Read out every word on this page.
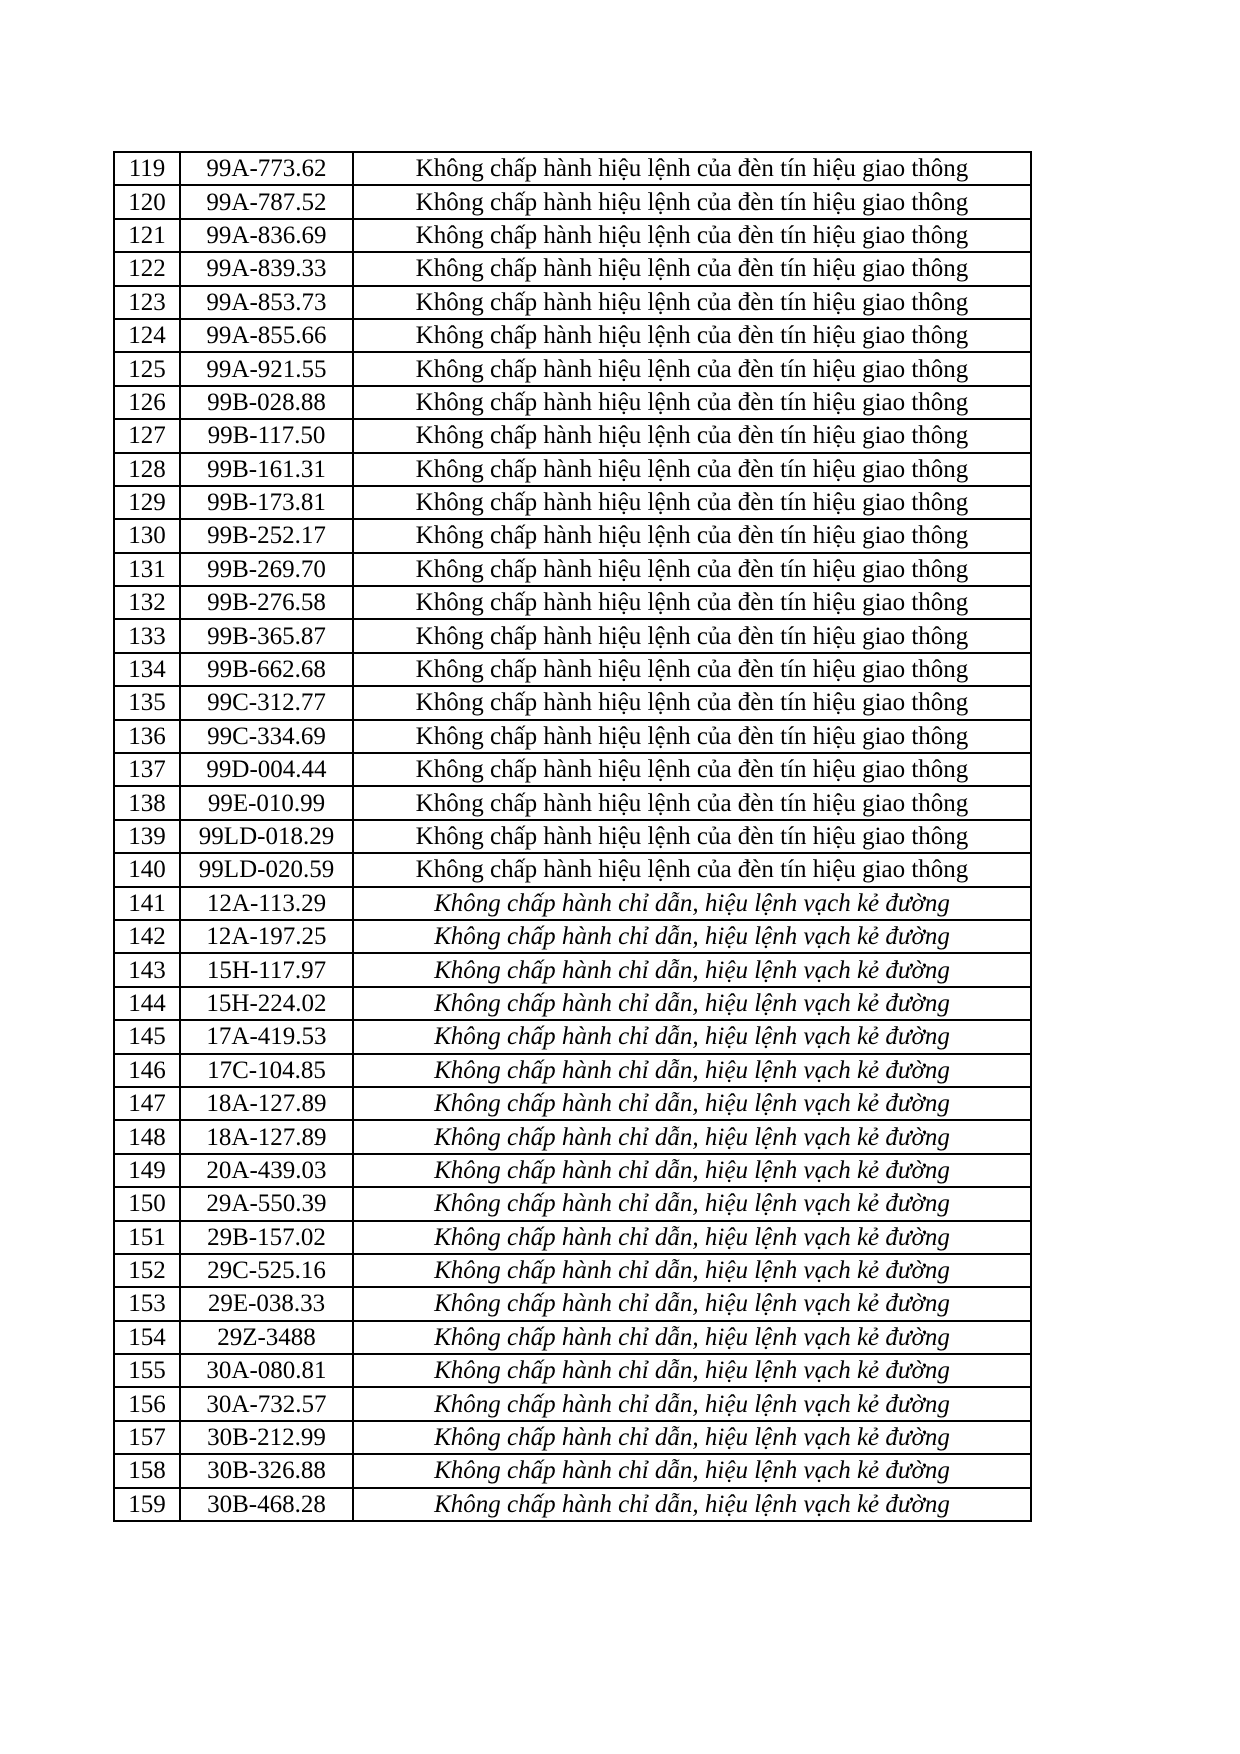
119	99A-773.62	Không chấp hành hiệu lệnh của đèn tín hiệu giao thông
120	99A-787.52	Không chấp hành hiệu lệnh của đèn tín hiệu giao thông
121	99A-836.69	Không chấp hành hiệu lệnh của đèn tín hiệu giao thông
122	99A-839.33	Không chấp hành hiệu lệnh của đèn tín hiệu giao thông
123	99A-853.73	Không chấp hành hiệu lệnh của đèn tín hiệu giao thông
124	99A-855.66	Không chấp hành hiệu lệnh của đèn tín hiệu giao thông
125	99A-921.55	Không chấp hành hiệu lệnh của đèn tín hiệu giao thông
126	99B-028.88	Không chấp hành hiệu lệnh của đèn tín hiệu giao thông
127	99B-117.50	Không chấp hành hiệu lệnh của đèn tín hiệu giao thông
128	99B-161.31	Không chấp hành hiệu lệnh của đèn tín hiệu giao thông
129	99B-173.81	Không chấp hành hiệu lệnh của đèn tín hiệu giao thông
130	99B-252.17	Không chấp hành hiệu lệnh của đèn tín hiệu giao thông
131	99B-269.70	Không chấp hành hiệu lệnh của đèn tín hiệu giao thông
132	99B-276.58	Không chấp hành hiệu lệnh của đèn tín hiệu giao thông
133	99B-365.87	Không chấp hành hiệu lệnh của đèn tín hiệu giao thông
134	99B-662.68	Không chấp hành hiệu lệnh của đèn tín hiệu giao thông
135	99C-312.77	Không chấp hành hiệu lệnh của đèn tín hiệu giao thông
136	99C-334.69	Không chấp hành hiệu lệnh của đèn tín hiệu giao thông
137	99D-004.44	Không chấp hành hiệu lệnh của đèn tín hiệu giao thông
138	99E-010.99	Không chấp hành hiệu lệnh của đèn tín hiệu giao thông
139	99LD-018.29	Không chấp hành hiệu lệnh của đèn tín hiệu giao thông
140	99LD-020.59	Không chấp hành hiệu lệnh của đèn tín hiệu giao thông
141	12A-113.29	Không chấp hành chỉ dẫn, hiệu lệnh vạch kẻ đường
142	12A-197.25	Không chấp hành chỉ dẫn, hiệu lệnh vạch kẻ đường
143	15H-117.97	Không chấp hành chỉ dẫn, hiệu lệnh vạch kẻ đường
144	15H-224.02	Không chấp hành chỉ dẫn, hiệu lệnh vạch kẻ đường
145	17A-419.53	Không chấp hành chỉ dẫn, hiệu lệnh vạch kẻ đường
146	17C-104.85	Không chấp hành chỉ dẫn, hiệu lệnh vạch kẻ đường
147	18A-127.89	Không chấp hành chỉ dẫn, hiệu lệnh vạch kẻ đường
148	18A-127.89	Không chấp hành chỉ dẫn, hiệu lệnh vạch kẻ đường
149	20A-439.03	Không chấp hành chỉ dẫn, hiệu lệnh vạch kẻ đường
150	29A-550.39	Không chấp hành chỉ dẫn, hiệu lệnh vạch kẻ đường
151	29B-157.02	Không chấp hành chỉ dẫn, hiệu lệnh vạch kẻ đường
152	29C-525.16	Không chấp hành chỉ dẫn, hiệu lệnh vạch kẻ đường
153	29E-038.33	Không chấp hành chỉ dẫn, hiệu lệnh vạch kẻ đường
154	29Z-3488	Không chấp hành chỉ dẫn, hiệu lệnh vạch kẻ đường
155	30A-080.81	Không chấp hành chỉ dẫn, hiệu lệnh vạch kẻ đường
156	30A-732.57	Không chấp hành chỉ dẫn, hiệu lệnh vạch kẻ đường
157	30B-212.99	Không chấp hành chỉ dẫn, hiệu lệnh vạch kẻ đường
158	30B-326.88	Không chấp hành chỉ dẫn, hiệu lệnh vạch kẻ đường
159	30B-468.28	Không chấp hành chỉ dẫn, hiệu lệnh vạch kẻ đường
